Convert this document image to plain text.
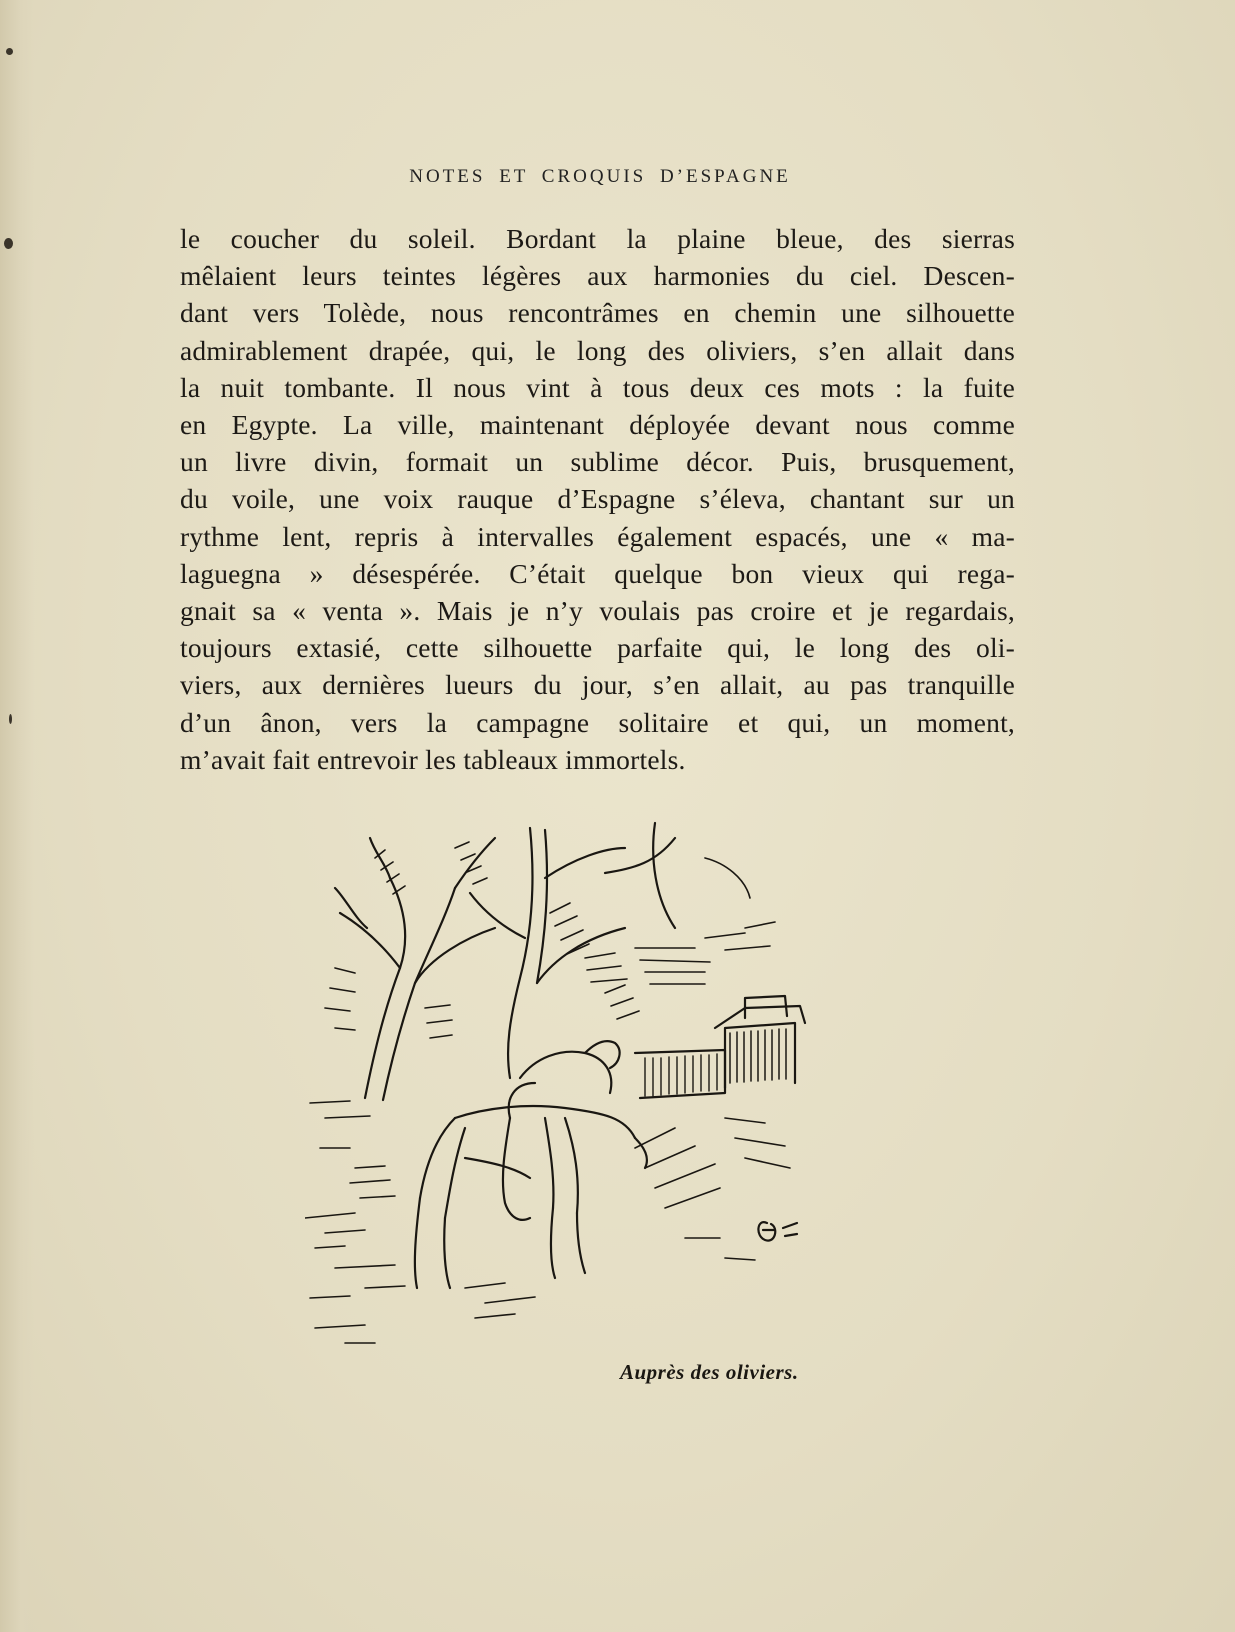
NOTES ET CROQUIS D’ESPAGNE

le coucher du soleil. Bordant la plaine bleue, des sierras
mêlaient leurs teintes légères aux harmonies du ciel. Descen-
dant vers Tolède, nous rencontrâmes en chemin une silhouette
admirablement drapée, qui, le long des oliviers, s’en allait dans
la nuit tombante. Il nous vint à tous deux ces mots : la fuite
en Egypte. La ville, maintenant déployée devant nous comme
un livre divin, formait un sublime décor. Puis, brusquement,
du voile, une voix rauque d’Espagne s’éleva, chantant sur un
rythme lent, repris à intervalles également espacés, une « ma-
laguegna » désespérée. C’était quelque bon vieux qui rega-
gnait sa « venta ». Mais je n’y voulais pas croire et je regardais,
toujours extasié, cette silhouette parfaite qui, le long des oli-
viers, aux dernières lueurs du jour, s’en allait, au pas tranquille
d’un ânon, vers la campagne solitaire et qui, un moment,
m’avait fait entrevoir les tableaux immortels.

Auprès des oliviers.
